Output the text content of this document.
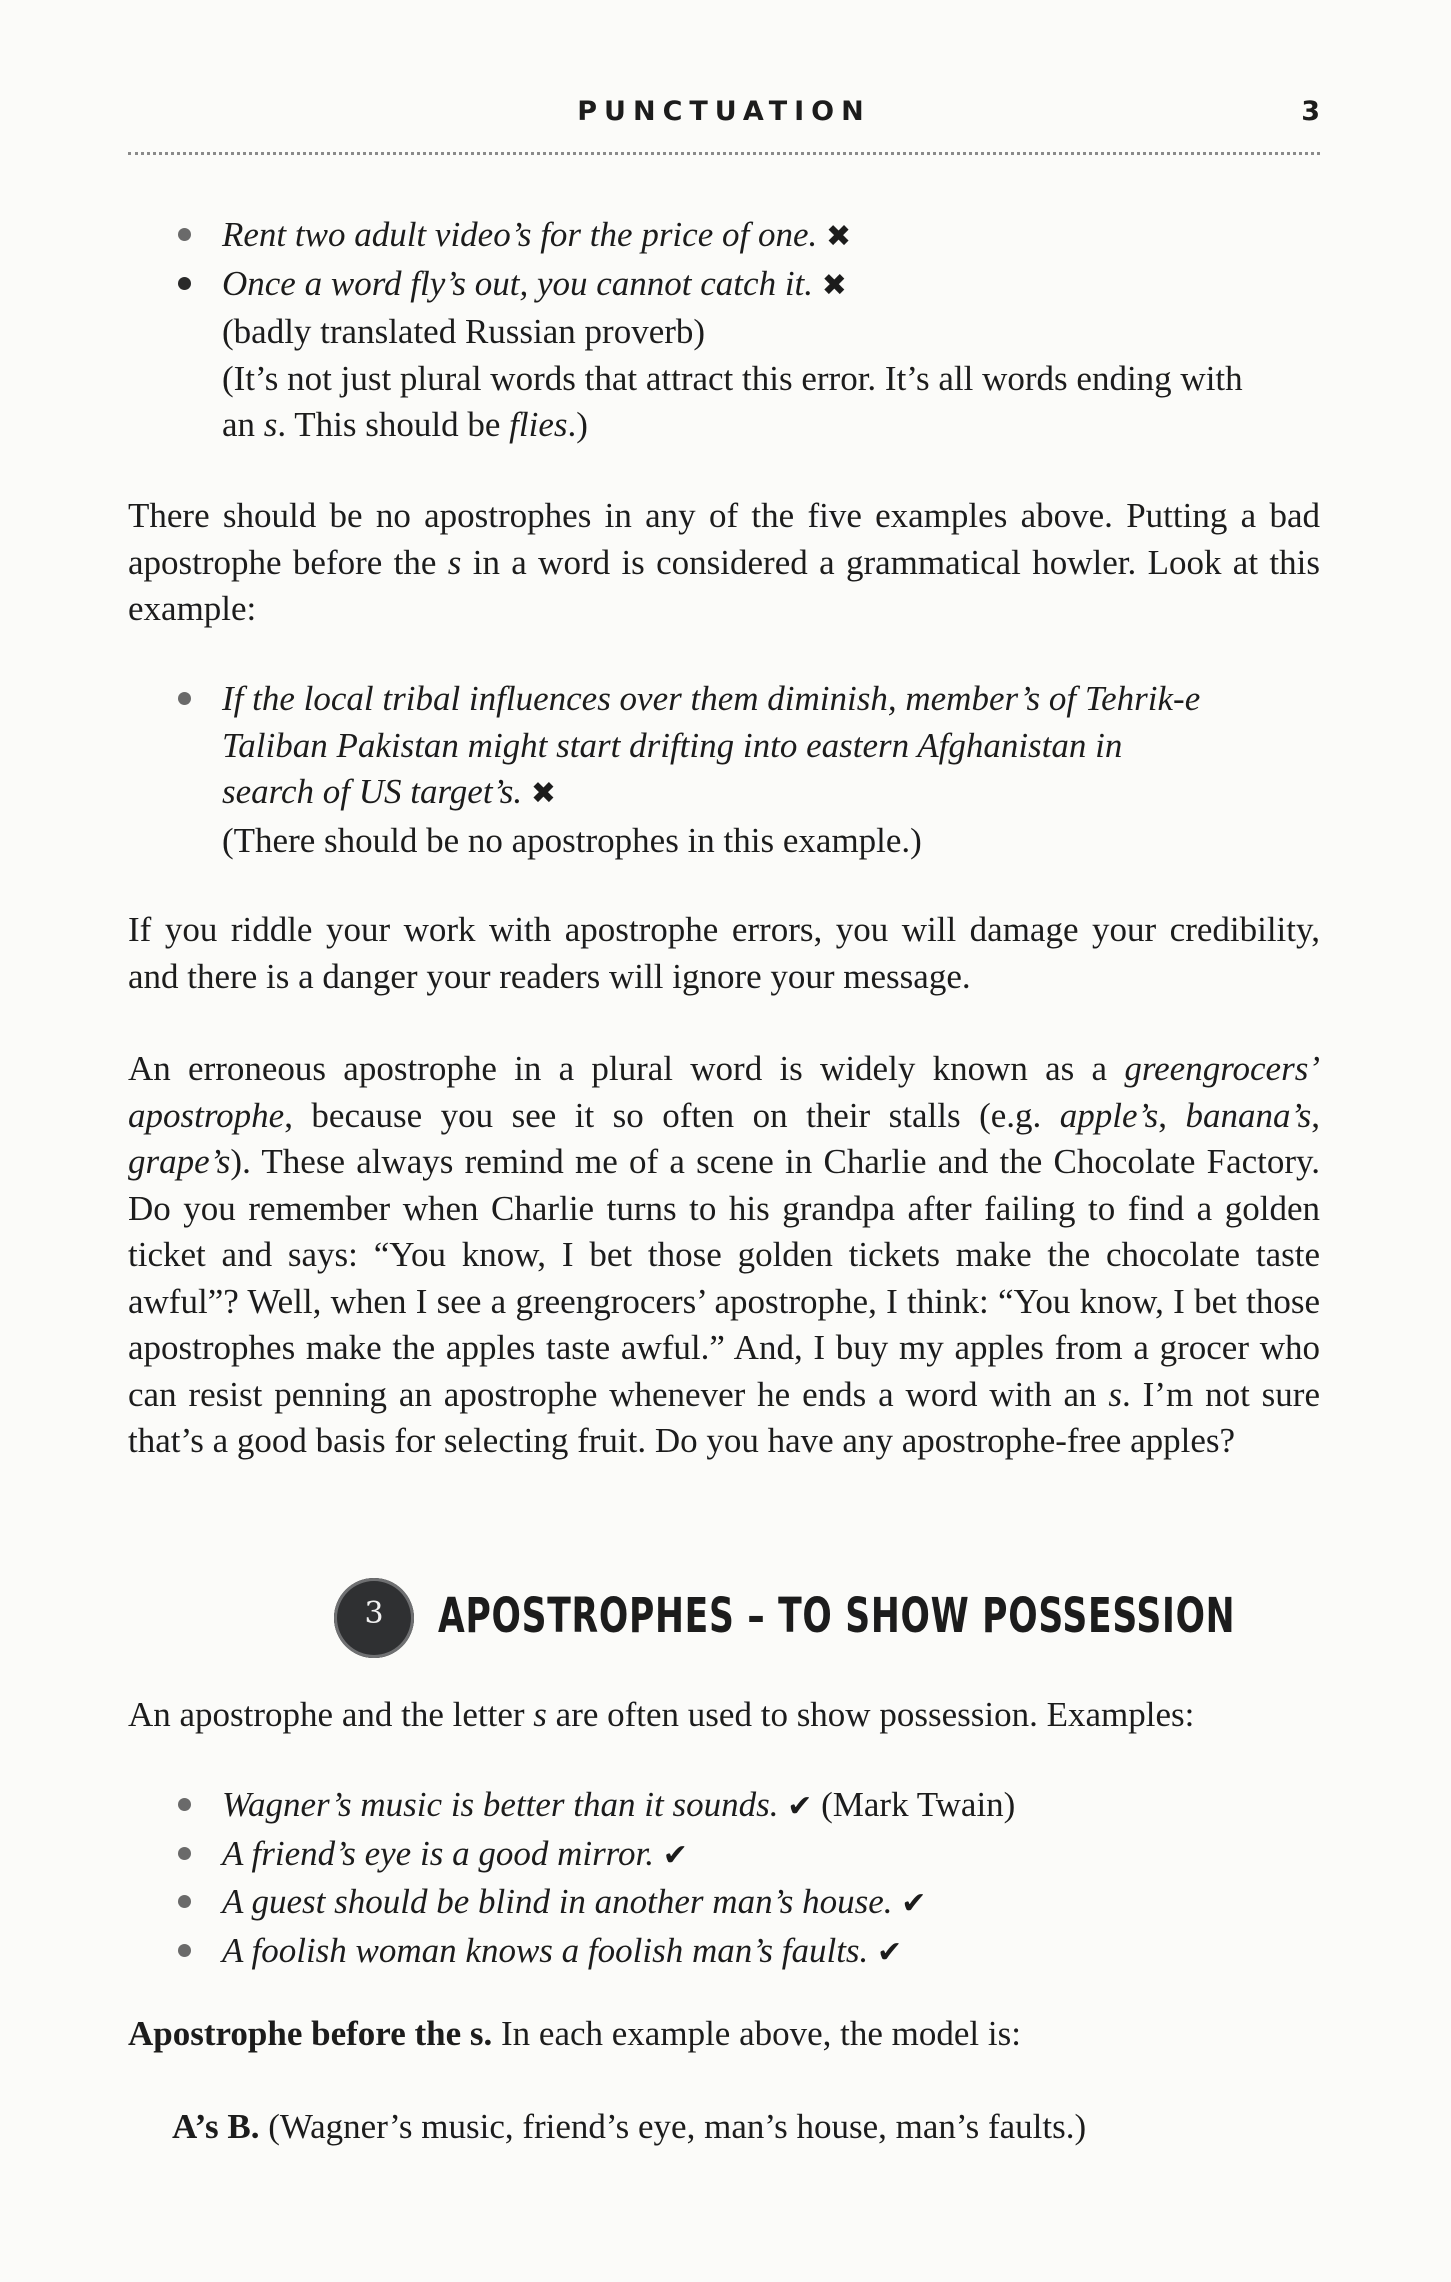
PUNCTUATION	3
Rent two adult video’s for the price of one. ✖
Once a word fly’s out, you cannot catch it. ✖
(badly translated Russian proverb)
(It’s not just plural words that attract this error. It’s all words ending with an s. This should be flies.)
There should be no apostrophes in any of the five examples above. Putting a bad apostrophe before the s in a word is considered a grammatical howler. Look at this example:
If the local tribal influences over them diminish, member’s of Tehrik-e Taliban Pakistan might start drifting into eastern Afghanistan in search of US target’s. ✖
(There should be no apostrophes in this example.)
If you riddle your work with apostrophe errors, you will damage your credibility, and there is a danger your readers will ignore your message.
An erroneous apostrophe in a plural word is widely known as a greengrocers’ apostrophe, because you see it so often on their stalls (e.g. apple’s, banana’s, grape’s). These always remind me of a scene in Charlie and the Chocolate Factory. Do you remember when Charlie turns to his grandpa after failing to find a golden ticket and says: “You know, I bet those golden tickets make the chocolate taste awful”? Well, when I see a greengrocers’ apostrophe, I think: “You know, I bet those apostrophes make the apples taste awful.” And, I buy my apples from a grocer who can resist penning an apostrophe whenever he ends a word with an s. I’m not sure that’s a good basis for selecting fruit. Do you have any apostrophe-free apples?
3	APOSTROPHES – TO SHOW POSSESSION
An apostrophe and the letter s are often used to show possession. Examples:
Wagner’s music is better than it sounds. ✔ (Mark Twain)
A friend’s eye is a good mirror. ✔
A guest should be blind in another man’s house. ✔
A foolish woman knows a foolish man’s faults. ✔
Apostrophe before the s. In each example above, the model is:
A’s B. (Wagner’s music, friend’s eye, man’s house, man’s faults.)
